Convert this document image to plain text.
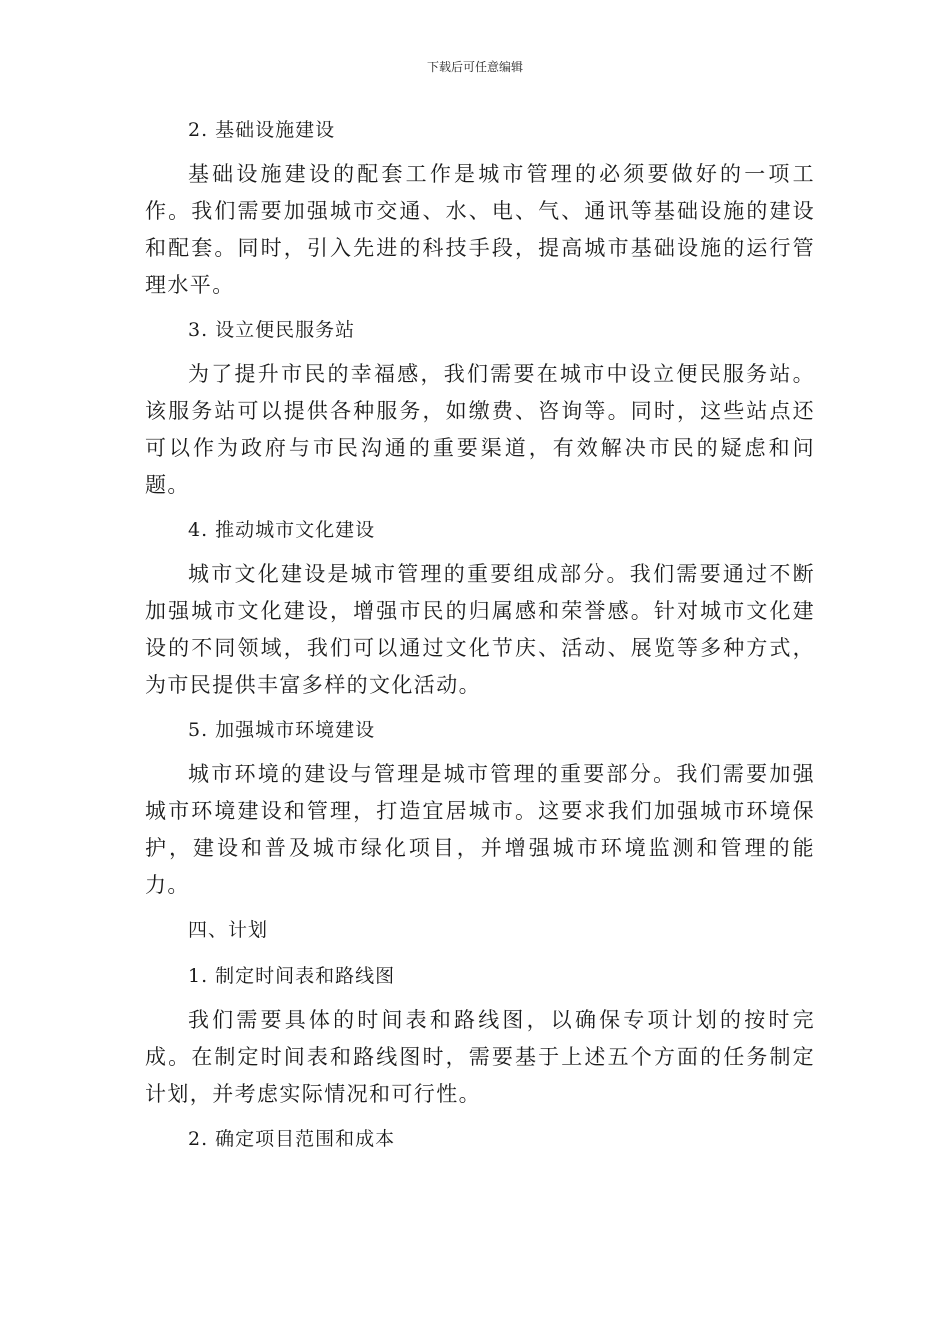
下载后可任意编辑
2. 基础设施建设
基础设施建设的配套工作是城市管理的必须要做好的一项工作。我们需要加强城市交通、水、电、气、通讯等基础设施的建设和配套。同时，引入先进的科技手段，提高城市基础设施的运行管理水平。
3. 设立便民服务站
为了提升市民的幸福感，我们需要在城市中设立便民服务站。该服务站可以提供各种服务，如缴费、咨询等。同时，这些站点还可以作为政府与市民沟通的重要渠道，有效解决市民的疑虑和问题。
4. 推动城市文化建设
城市文化建设是城市管理的重要组成部分。我们需要通过不断加强城市文化建设，增强市民的归属感和荣誉感。针对城市文化建设的不同领域，我们可以通过文化节庆、活动、展览等多种方式，为市民提供丰富多样的文化活动。
5. 加强城市环境建设
城市环境的建设与管理是城市管理的重要部分。我们需要加强城市环境建设和管理，打造宜居城市。这要求我们加强城市环境保护，建设和普及城市绿化项目，并增强城市环境监测和管理的能力。
四、计划
1. 制定时间表和路线图
我们需要具体的时间表和路线图，以确保专项计划的按时完成。在制定时间表和路线图时，需要基于上述五个方面的任务制定计划，并考虑实际情况和可行性。
2. 确定项目范围和成本
